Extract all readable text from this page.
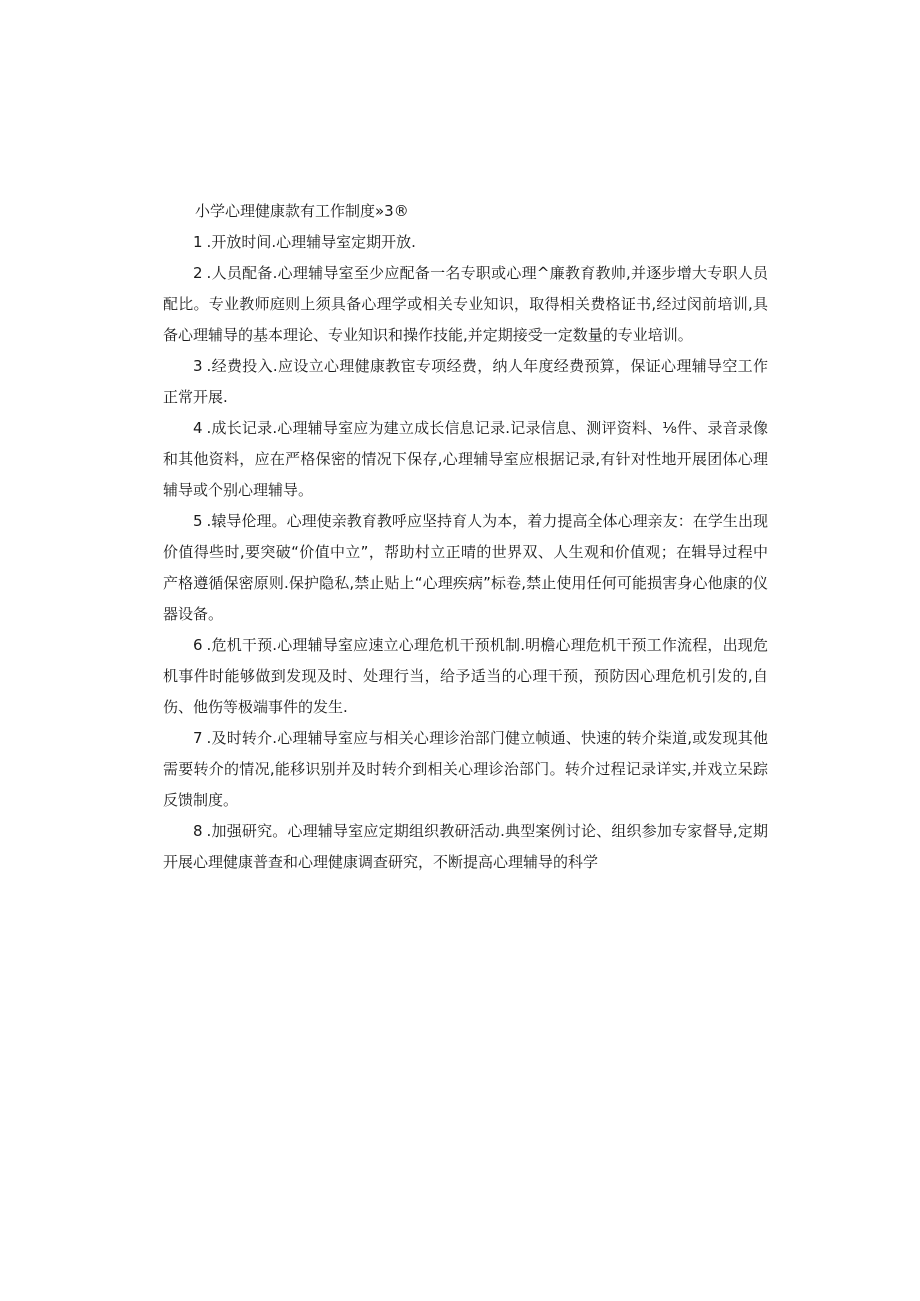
小学心理健康款有工作制度»3®

1 .开放时间.心理辅导室定期开放.

2 .人员配备.心理辅导室至少应配备一名专职或心理^廉教育教帅,并逐步增大专职人员配比。专业教师庭则上须具备心理学或相关专业知识，取得相关费格证书,经过闵前培训,具备心理辅导的基本理论、专业知识和操作技能,并定期接受一定数量的专业培训。

3 .经费投入.应设立心理健康教宦专项经费，纳人年度经费预算，保证心理辅导空工作正常开展.

4 .成长记录.心理辅导室应为建立成长信息记录.记录信息、测评资料、⅛件、录音录像和其他资料，应在严格保密的情况下保存,心理辅导室应根据记录,有针对性地开展团体心理辅导或个别心理辅导。

5 .辕导伦理。心理使亲教育教呼应坚持育人为本，着力提高全体心理亲友：在学生出现价值得些时,要突破“价值中立”，帮助村立正晴的世界双、人生观和价值观；在辑导过程中产格遵循保密原则.保护隐私,禁止贴上“心理疾病”标卷,禁止使用任何可能损害身心他康的仪器设备。

6 .危机干预.心理辅导室应速立心理危机干预机制.明檐心理危机干预工作流程，出现危机事件时能够做到发现及时、处理行当，给予适当的心理干预，预防因心理危机引发的,自伤、他伤等极端事件的发生.

7 .及时转介.心理辅导室应与相关心理诊治部门健立帧通、快速的转介柒道,或发现其他需要转介的情况,能移识别并及时转介到相关心理诊治部门。转介过程记录详实,并戏立呆踪反馈制度。

8 .加强研究。心理辅导室应定期组织教研活动.典型案例讨论、组织参加专家督导,定期开展心理健康普查和心理健康调查研究，不断提高心理辅导的科学
